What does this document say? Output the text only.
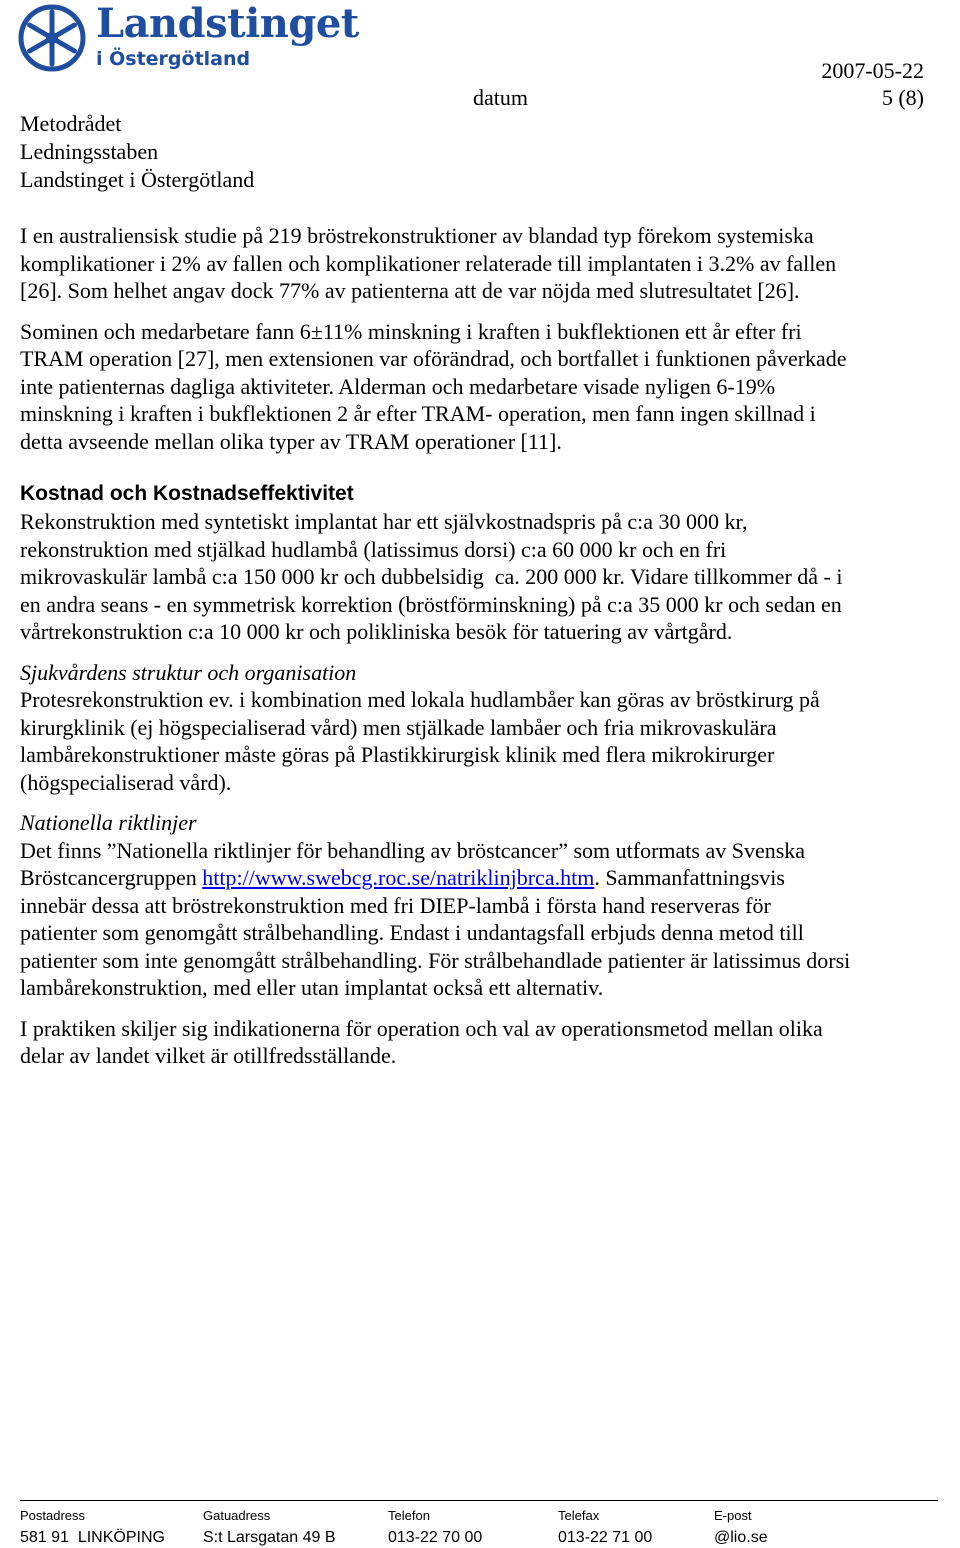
Landstinget
i Östergötland	2007-05-22
datum	5 (8)
Metodrådet
Ledningsstaben
Landstinget i Östergötland

I en australiensisk studie på 219 bröstrekonstruktioner av blandad typ förekom systemiska
komplikationer i 2% av fallen och komplikationer relaterade till implantaten i 3.2% av fallen
[26]. Som helhet angav dock 77% av patienterna att de var nöjda med slutresultatet [26].

Sominen och medarbetare fann 6±11% minskning i kraften i bukflektionen ett år efter fri
TRAM operation [27], men extensionen var oförändrad, och bortfallet i funktionen påverkade
inte patienternas dagliga aktiviteter. Alderman och medarbetare visade nyligen 6-19%
minskning i kraften i bukflektionen 2 år efter TRAM- operation, men fann ingen skillnad i
detta avseende mellan olika typer av TRAM operationer [11].

Kostnad och Kostnadseffektivitet

Rekonstruktion med syntetiskt implantat har ett självkostnadspris på c:a 30 000 kr,
rekonstruktion med stjälkad hudlambå (latissimus dorsi) c:a 60 000 kr och en fri
mikrovaskulär lambå c:a 150 000 kr och dubbelsidig  ca. 200 000 kr. Vidare tillkommer då - i
en andra seans - en symmetrisk korrektion (bröstförminskning) på c:a 35 000 kr och sedan en
vårtrekonstruktion c:a 10 000 kr och polikliniska besök för tatuering av vårtgård.

Sjukvårdens struktur och organisation

Protesrekonstruktion ev. i kombination med lokala hudlambåer kan göras av bröstkirurg på
kirurgklinik (ej högspecialiserad vård) men stjälkade lambåer och fria mikrovaskulära
lambårekonstruktioner måste göras på Plastikkirurgisk klinik med flera mikrokirurger
(högspecialiserad vård).

Nationella riktlinjer

Det finns ”Nationella riktlinjer för behandling av bröstcancer” som utformats av Svenska
Bröstcancergruppen http://www.swebcg.roc.se/natriklinjbrca.htm. Sammanfattningsvis
innebär dessa att bröstrekonstruktion med fri DIEP-lambå i första hand reserveras för
patienter som genomgått strålbehandling. Endast i undantagsfall erbjuds denna metod till
patienter som inte genomgått strålbehandling. För strålbehandlade patienter är latissimus dorsi
lambårekonstruktion, med eller utan implantat också ett alternativ.

I praktiken skiljer sig indikationerna för operation och val av operationsmetod mellan olika
delar av landet vilket är otillfredsställande.

Postadress
581 91  LINKÖPING
Gatuadress
S:t Larsgatan 49 B
Telefon
013-22 70 00
Telefax
013-22 71 00
E-post
@lio.se
